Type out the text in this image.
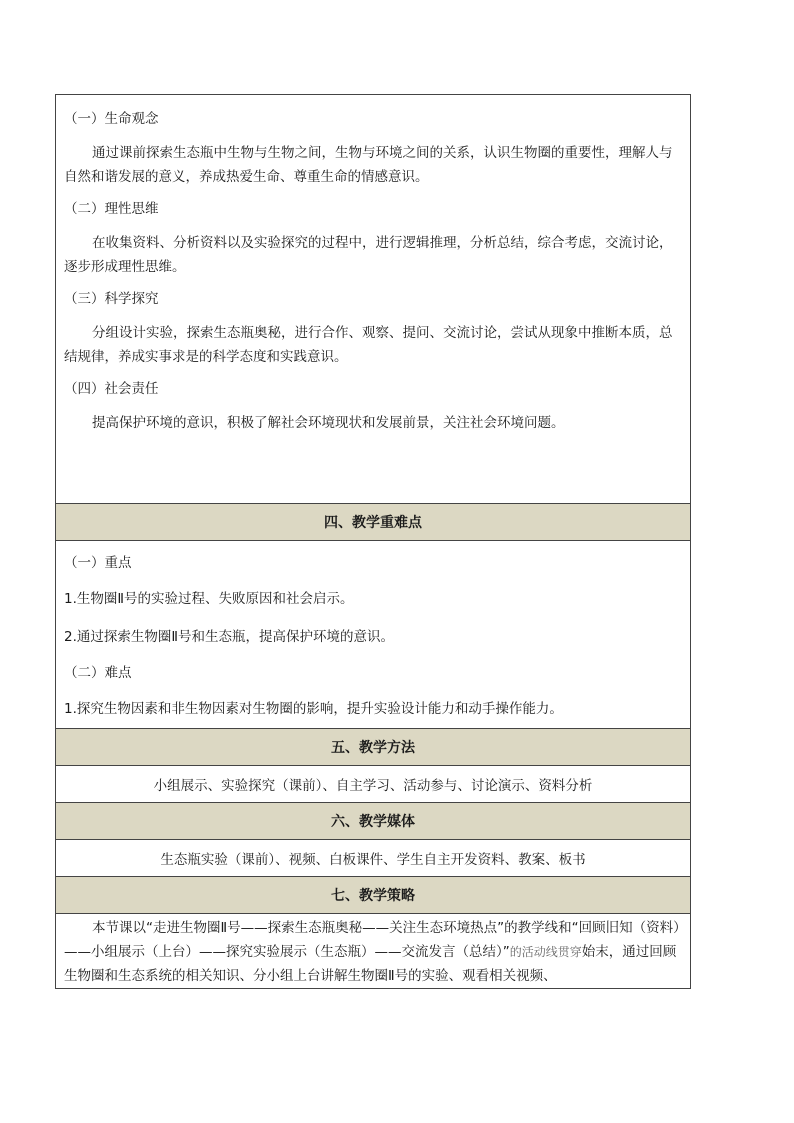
（一）生命观念

通过课前探索生态瓶中生物与生物之间，生物与环境之间的关系，认识生物圈的重要性，理解人与自然和谐发展的意义，养成热爱生命、尊重生命的情感意识。

（二）理性思维

在收集资料、分析资料以及实验探究的过程中，进行逻辑推理，分析总结，综合考虑，交流讨论，逐步形成理性思维。

（三）科学探究

分组设计实验，探索生态瓶奥秘，进行合作、观察、提问、交流讨论，尝试从现象中推断本质，总结规律，养成实事求是的科学态度和实践意识。

（四）社会责任

提高保护环境的意识，积极了解社会环境现状和发展前景，关注社会环境问题。

四、教学重难点

（一）重点

1.生物圈Ⅱ号的实验过程、失败原因和社会启示。

2.通过探索生物圈Ⅱ号和生态瓶，提高保护环境的意识。

（二）难点

1.探究生物因素和非生物因素对生物圈的影响，提升实验设计能力和动手操作能力。

五、教学方法
小组展示、实验探究（课前）、自主学习、活动参与、讨论演示、资料分析
六、教学媒体
生态瓶实验（课前）、视频、白板课件、学生自主开发资料、教案、板书
七、教学策略

本节课以“走进生物圈Ⅱ号——探索生态瓶奥秘——关注生态环境热点”的教学线和“回顾旧知（资料）——小组展示（上台）——探究实验展示（生态瓶）——交流发言（总结）”的活动线贯穿始末，通过回顾生物圈和生态系统的相关知识、分小组上台讲解生物圈Ⅱ号的实验、观看相关视频、
